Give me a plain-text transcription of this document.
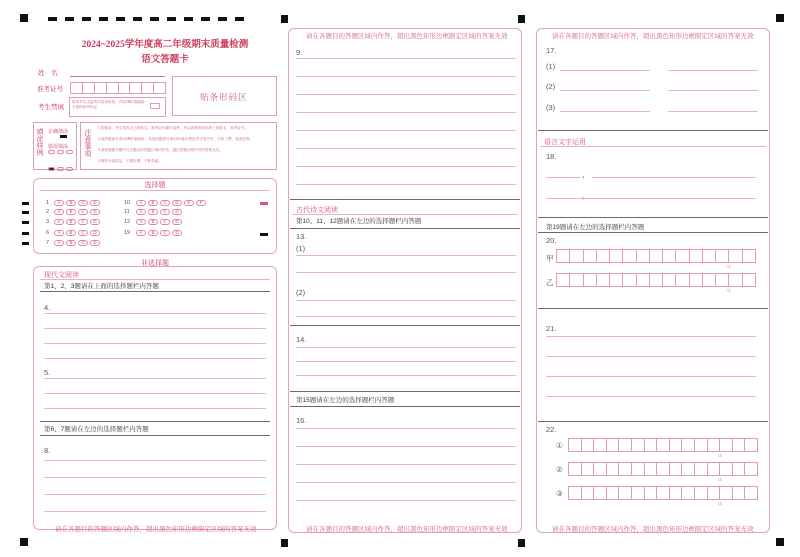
2024~2025学年度高二年级期末质量检测
语文答题卡
姓　名
准考证号
考生禁填
缺考考生由监考员贴条形码，并用2B铅笔填涂右面的缺考标记
贴条形码区
填涂样例 正确填涂
错误填涂 注意事项
1.答题前，考生先将自己的姓名、准考证号填写清楚，并认真核准条形码上的姓名、准考证号。
2.选择题部分请用2B铅笔填涂；非选择题部分请用0.5毫米黑色签字笔书写，字体工整、笔迹清楚。
3.请按照题号顺序在各题目的答题区域内作答，超出答题区域书写的答案无效。
4.保持卡面清洁，不要折叠、不要弄破。
选择题
1	A	B	C	D
2	A	B	C	D
3	A	B	C	D
6	A	B	C	D
7	A	B	C	D
10	A	B	C	D	E	F
11	A	B	C	D
12	A	B	C	D
19	A	B	C	D
非选择题
现代文阅读
第1、2、3题请在上面的选择题栏内答题
4.
5.
第6、7题请在左边的选择题栏内答题
8.
请在各题目的答题区域内作答，超出黑色矩形边框限定区域的答案无效
请在各题目的答题区域内作答，超出黑色矩形边框限定区域的答案无效
9.
古代诗文阅读
第10、11、12题请在左边的选择题栏内答题
13.
(1)
(2)
14.
第15题请在左边的选择题栏内答题
16.
请在各题目的答题区域内作答，超出黑色矩形边框限定区域的答案无效
请在各题目的答题区域内作答，超出黑色矩形边框限定区域的答案无效
17.
(1)
(2)
(3)
语言文字运用
18.
，
，
第19题请在左边的选择题栏内答题
20.
甲
15
乙
15
21.
22.
①
15
②
15
③
15
请在各题目的答题区域内作答，超出黑色矩形边框限定区域的答案无效
